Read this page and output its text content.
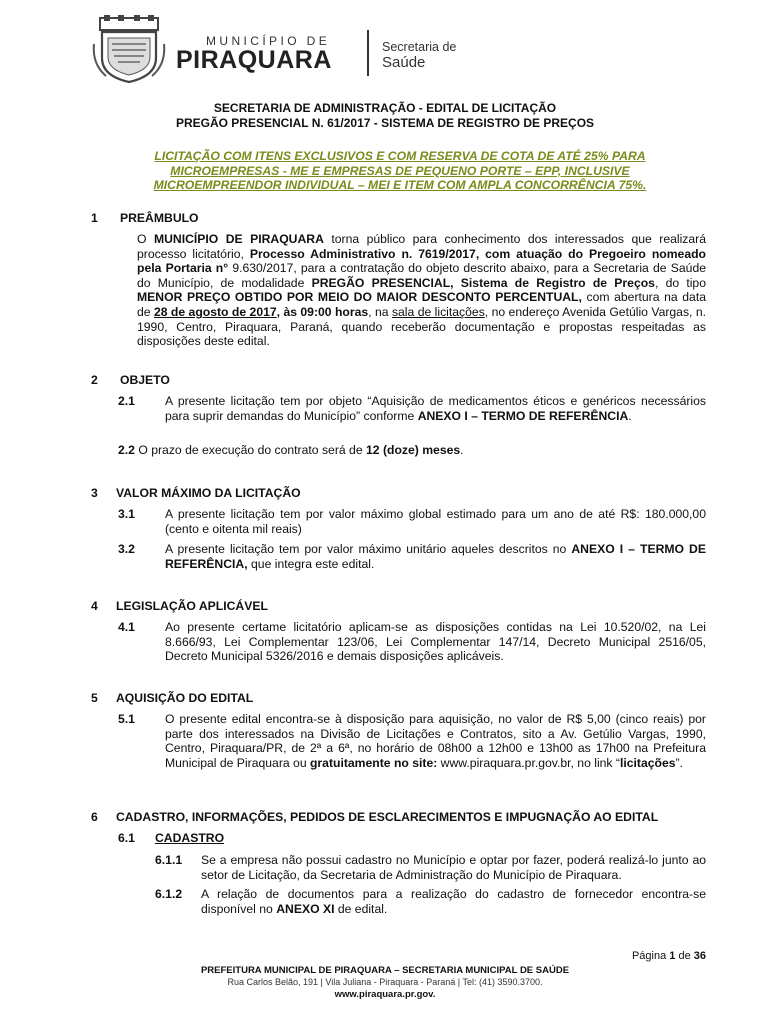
MUNICÍPIO DE
PIRAQUARA	Secretaria de
Saúde
SECRETARIA DE ADMINISTRAÇÃO - EDITAL DE LICITAÇÃO
PREGÃO PRESENCIAL N. 61/2017 - SISTEMA DE REGISTRO DE PREÇOS
LICITAÇÃO COM ITENS EXCLUSIVOS E COM RESERVA DE COTA DE ATÉ 25% PARA
MICROEMPRESAS - ME E EMPRESAS DE PEQUENO PORTE – EPP, INCLUSIVE
MICROEMPREENDOR INDIVIDUAL – MEI E ITEM COM AMPLA CONCORRÊNCIA 75%.
1 PREÂMBULO
O MUNICÍPIO DE PIRAQUARA torna público para conhecimento dos interessados que realizará processo licitatório, Processo Administrativo n. 7619/2017, com atuação do Pregoeiro nomeado pela Portaria n° 9.630/2017, para a contratação do objeto descrito abaixo, para a Secretaria de Saúde do Município, de modalidade PREGÃO PRESENCIAL, Sistema de Registro de Preços, do tipo MENOR PREÇO OBTIDO POR MEIO DO MAIOR DESCONTO PERCENTUAL, com abertura na data de 28 de agosto de 2017, às 09:00 horas, na sala de licitações, no endereço Avenida Getúlio Vargas, n. 1990, Centro, Piraquara, Paraná, quando receberão documentação e propostas respeitadas as disposições deste edital.
2 OBJETO
2.1 A presente licitação tem por objeto “Aquisição de medicamentos éticos e genéricos necessários para suprir demandas do Município” conforme ANEXO I – TERMO DE REFERÊNCIA.
2.2 O prazo de execução do contrato será de 12 (doze) meses.
3 VALOR MÁXIMO DA LICITAÇÃO
3.1 A presente licitação tem por valor máximo global estimado para um ano de até R$: 180.000,00 (cento e oitenta mil reais)
3.2 A presente licitação tem por valor máximo unitário aqueles descritos no ANEXO I – TERMO DE REFERÊNCIA, que integra este edital.
4 LEGISLAÇÃO APLICÁVEL
4.1 Ao presente certame licitatório aplicam-se as disposições contidas na Lei 10.520/02, na Lei 8.666/93, Lei Complementar 123/06, Lei Complementar 147/14, Decreto Municipal 2516/05, Decreto Municipal 5326/2016 e demais disposições aplicáveis.
5 AQUISIÇÃO DO EDITAL
5.1 O presente edital encontra-se à disposição para aquisição, no valor de R$ 5,00 (cinco reais) por parte dos interessados na Divisão de Licitações e Contratos, sito a Av. Getúlio Vargas, 1990, Centro, Piraquara/PR, de 2ª a 6ª, no horário de 08h00 a 12h00 e 13h00 as 17h00 na Prefeitura Municipal de Piraquara ou gratuitamente no site: www.piraquara.pr.gov.br, no link “licitações”.
6 CADASTRO, INFORMAÇÕES, PEDIDOS DE ESCLARECIMENTOS E IMPUGNAÇÃO AO EDITAL
6.1 CADASTRO
6.1.1 Se a empresa não possui cadastro no Município e optar por fazer, poderá realizá-lo junto ao setor de Licitação, da Secretaria de Administração do Município de Piraquara.
6.1.2 A relação de documentos para a realização do cadastro de fornecedor encontra-se disponível no ANEXO XI de edital.
Página 1 de 36
PREFEITURA MUNICIPAL DE PIRAQUARA – SECRETARIA MUNICIPAL DE SAÚDE
Rua Carlos Belão, 191 | Vila Juliana - Piraquara - Paraná | Tel: (41) 3590.3700.
www.piraquara.pr.gov.
